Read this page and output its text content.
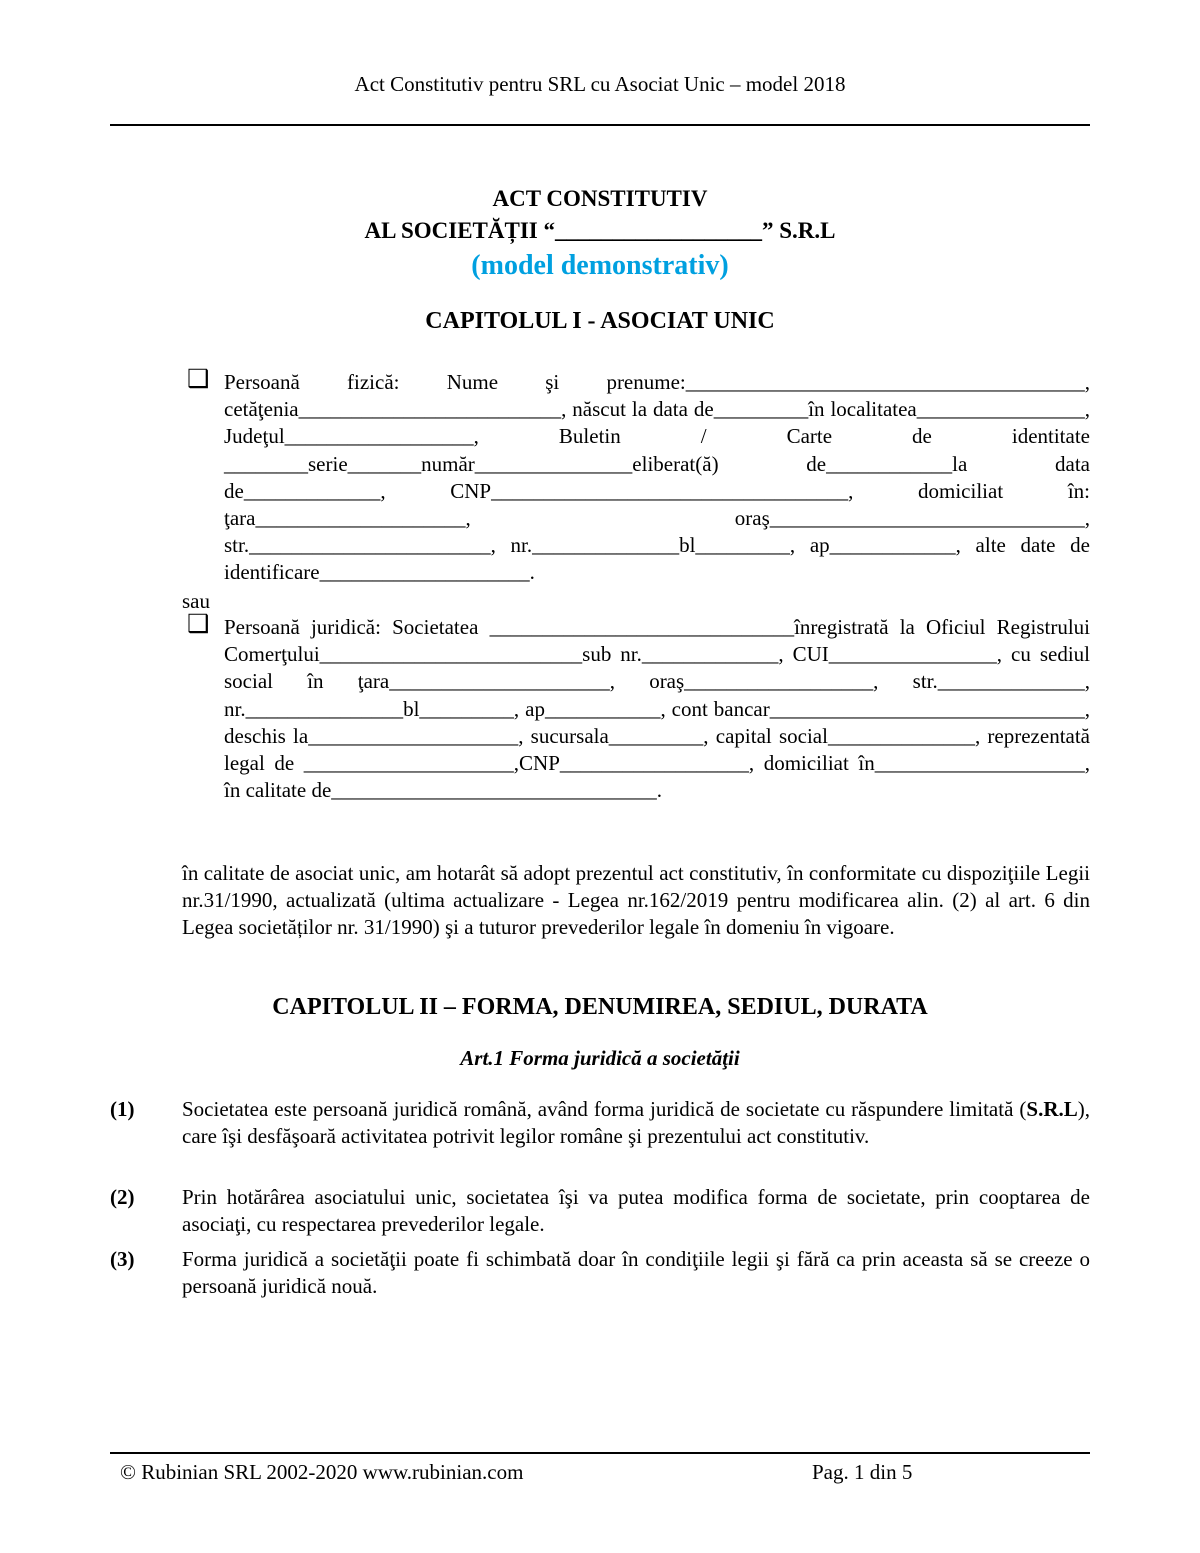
Act Constitutiv pentru SRL cu Asociat Unic – model 2018
ACT CONSTITUTIV
AL SOCIETĂȚII “__________________” S.R.L
(model demonstrativ)
CAPITOLUL I - ASOCIAT UNIC
❑ Persoană fizică: Nume şi prenume:______________________________________, cetăţenia_________________________, născut la data de_________în localitatea________________, Judeţul__________________, Buletin / Carte de identitate ________serie_______număr_______________eliberat(ă) de____________la data de_____________, CNP__________________________________, domiciliat în: ţara____________________, oraş______________________________, str._______________________, nr.______________bl_________, ap____________, alte date de identificare____________________.
sau
❑ Persoană juridică: Societatea _____________________________înregistrată la Oficiul Registrului Comerţului_________________________sub nr._____________, CUI________________, cu sediul social în ţara_____________________, oraş__________________, str.______________, nr._______________bl_________, ap___________, cont bancar______________________________, deschis la____________________, sucursala_________, capital social______________, reprezentată legal de ____________________,CNP__________________, domiciliat în____________________, în calitate de_______________________________.
în calitate de asociat unic, am hotarât să adopt prezentul act constitutiv, în conformitate cu dispoziţiile Legii nr.31/1990, actualizată (ultima actualizare - Legea nr.162/2019 pentru modificarea alin. (2) al art. 6 din Legea societăților nr. 31/1990) şi a tuturor prevederilor legale în domeniu în vigoare.
CAPITOLUL II – FORMA, DENUMIREA, SEDIUL, DURATA
Art.1 Forma juridică a societăţii
(1) Societatea este persoană juridică română, având forma juridică de societate cu răspundere limitată (S.R.L), care îşi desfăşoară activitatea potrivit legilor române şi prezentului act constitutiv.
(2) Prin hotărârea asociatului unic, societatea îşi va putea modifica forma de societate, prin cooptarea de asociaţi, cu respectarea prevederilor legale.
(3) Forma juridică a societăţii poate fi schimbată doar în condiţiile legii şi fără ca prin aceasta să se creeze o persoană juridică nouă.
© Rubinian SRL 2002-2020 www.rubinian.com	Pag. 1 din 5
